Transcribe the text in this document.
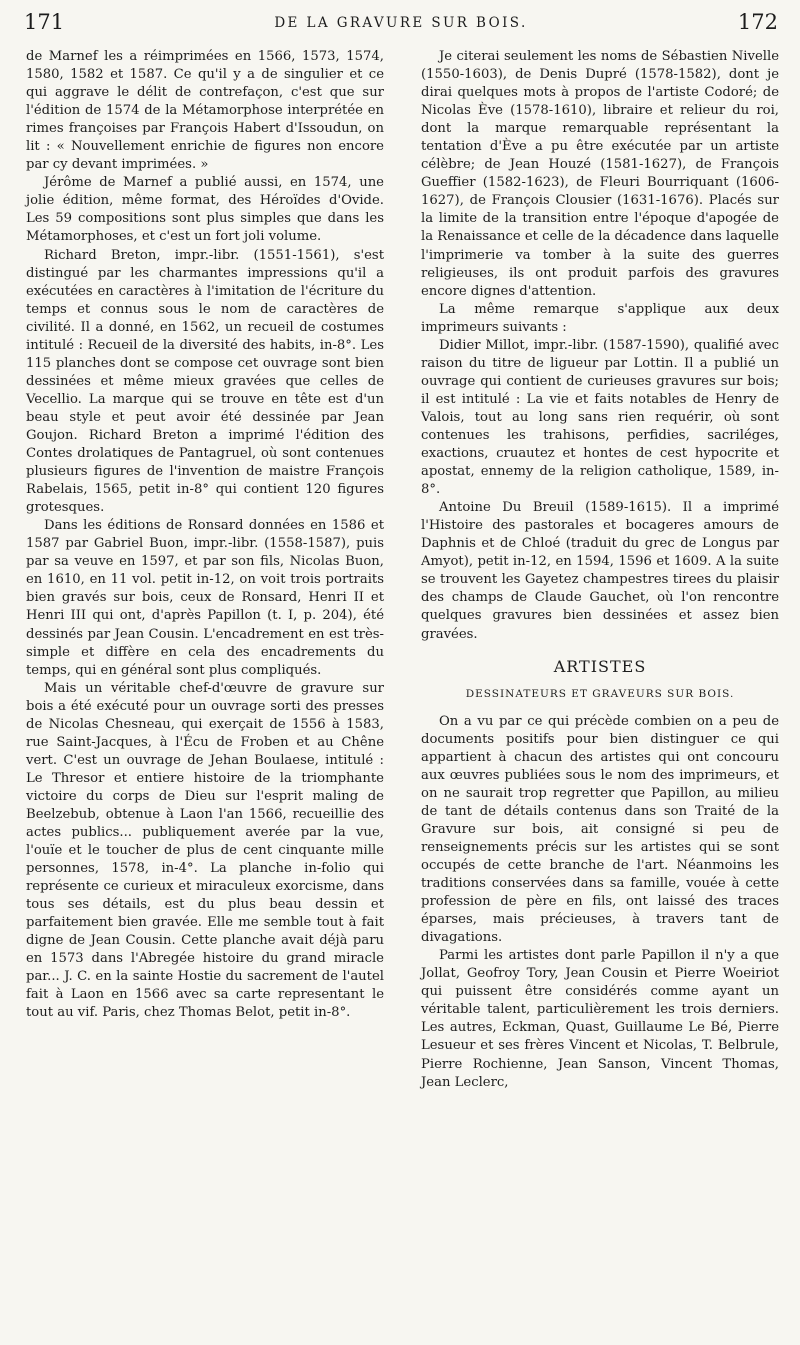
171	DE LA GRAVURE SUR BOIS.	172

de Marnef les a réimprimées en 1566, 1573, 1574, 1580, 1582 et 1587. Ce qu'il y a de singulier et ce qui aggrave le délit de contrefaçon, c'est que sur l'édition de 1574 de la Métamorphose interprétée en rimes françoises par François Habert d'Issoudun, on lit : « Nouvellement enrichie de figures non encore par cy devant imprimées. »

Jérôme de Marnef a publié aussi, en 1574, une jolie édition, même format, des Héroïdes d'Ovide. Les 59 compositions sont plus simples que dans les Métamorphoses, et c'est un fort joli volume.

Richard Breton, impr.-libr. (1551-1561), s'est distingué par les charmantes impressions qu'il a exécutées en caractères à l'imitation de l'écriture du temps et connus sous le nom de caractères de civilité. Il a donné, en 1562, un recueil de costumes intitulé : Recueil de la diversité des habits, in-8°. Les 115 planches dont se compose cet ouvrage sont bien dessinées et même mieux gravées que celles de Vecellio. La marque qui se trouve en tête est d'un beau style et peut avoir été dessinée par Jean Goujon. Richard Breton a imprimé l'édition des Contes drolatiques de Pantagruel, où sont contenues plusieurs figures de l'invention de maistre François Rabelais, 1565, petit in-8° qui contient 120 figures grotesques.

Dans les éditions de Ronsard données en 1586 et 1587 par Gabriel Buon, impr.-libr. (1558-1587), puis par sa veuve en 1597, et par son fils, Nicolas Buon, en 1610, en 11 vol. petit in-12, on voit trois portraits bien gravés sur bois, ceux de Ronsard, Henri II et Henri III qui ont, d'après Papillon (t. I, p. 204), été dessinés par Jean Cousin. L'encadrement en est très-simple et diffère en cela des encadrements du temps, qui en général sont plus compliqués.

Mais un véritable chef-d'œuvre de gravure sur bois a été exécuté pour un ouvrage sorti des presses de Nicolas Chesneau, qui exerçait de 1556 à 1583, rue Saint-Jacques, à l'Écu de Froben et au Chêne vert. C'est un ouvrage de Jehan Boulaese, intitulé : Le Thresor et entiere histoire de la triomphante victoire du corps de Dieu sur l'esprit maling de Beelzebub, obtenue à Laon l'an 1566, recueillie des actes publics... publiquement averée par la vue, l'ouïe et le toucher de plus de cent cinquante mille personnes, 1578, in-4°. La planche in-folio qui représente ce curieux et miraculeux exorcisme, dans tous ses détails, est du plus beau dessin et parfaitement bien gravée. Elle me semble tout à fait digne de Jean Cousin. Cette planche avait déjà paru en 1573 dans l'Abregée histoire du grand miracle par... J. C. en la sainte Hostie du sacrement de l'autel fait à Laon en 1566 avec sa carte representant le tout au vif. Paris, chez Thomas Belot, petit in-8°.

Je citerai seulement les noms de Sébastien Nivelle (1550-1603), de Denis Dupré (1578-1582), dont je dirai quelques mots à propos de l'artiste Codoré; de Nicolas Ève (1578-1610), libraire et relieur du roi, dont la marque remarquable représentant la tentation d'Ève a pu être exécutée par un artiste célèbre; de Jean Houzé (1581-1627), de François Gueffier (1582-1623), de Fleuri Bourriquant (1606-1627), de François Clousier (1631-1676). Placés sur la limite de la transition entre l'époque d'apogée de la Renaissance et celle de la décadence dans laquelle l'imprimerie va tomber à la suite des guerres religieuses, ils ont produit parfois des gravures encore dignes d'attention.

La même remarque s'applique aux deux imprimeurs suivants :

Didier Millot, impr.-libr. (1587-1590), qualifié avec raison du titre de ligueur par Lottin. Il a publié un ouvrage qui contient de curieuses gravures sur bois; il est intitulé : La vie et faits notables de Henry de Valois, tout au long sans rien requérir, où sont contenues les trahisons, perfidies, sacriléges, exactions, cruautez et hontes de cest hypocrite et apostat, ennemy de la religion catholique, 1589, in-8°.

Antoine Du Breuil (1589-1615). Il a imprimé l'Histoire des pastorales et bocageres amours de Daphnis et de Chloé (traduit du grec de Longus par Amyot), petit in-12, en 1594, 1596 et 1609. A la suite se trouvent les Gayetez champestres tirees du plaisir des champs de Claude Gauchet, où l'on rencontre quelques gravures bien dessinées et assez bien gravées.

ARTISTES
DESSINATEURS ET GRAVEURS SUR BOIS.

On a vu par ce qui précède combien on a peu de documents positifs pour bien distinguer ce qui appartient à chacun des artistes qui ont concouru aux œuvres publiées sous le nom des imprimeurs, et on ne saurait trop regretter que Papillon, au milieu de tant de détails contenus dans son Traité de la Gravure sur bois, ait consigné si peu de renseignements précis sur les artistes qui se sont occupés de cette branche de l'art. Néanmoins les traditions conservées dans sa famille, vouée à cette profession de père en fils, ont laissé des traces éparses, mais précieuses, à travers tant de divagations.

Parmi les artistes dont parle Papillon il n'y a que Jollat, Geofroy Tory, Jean Cousin et Pierre Woeiriot qui puissent être considérés comme ayant un véritable talent, particulièrement les trois derniers. Les autres, Eckman, Quast, Guillaume Le Bé, Pierre Lesueur et ses frères Vincent et Nicolas, T. Belbrule, Pierre Rochienne, Jean Sanson, Vincent Thomas, Jean Leclerc,
